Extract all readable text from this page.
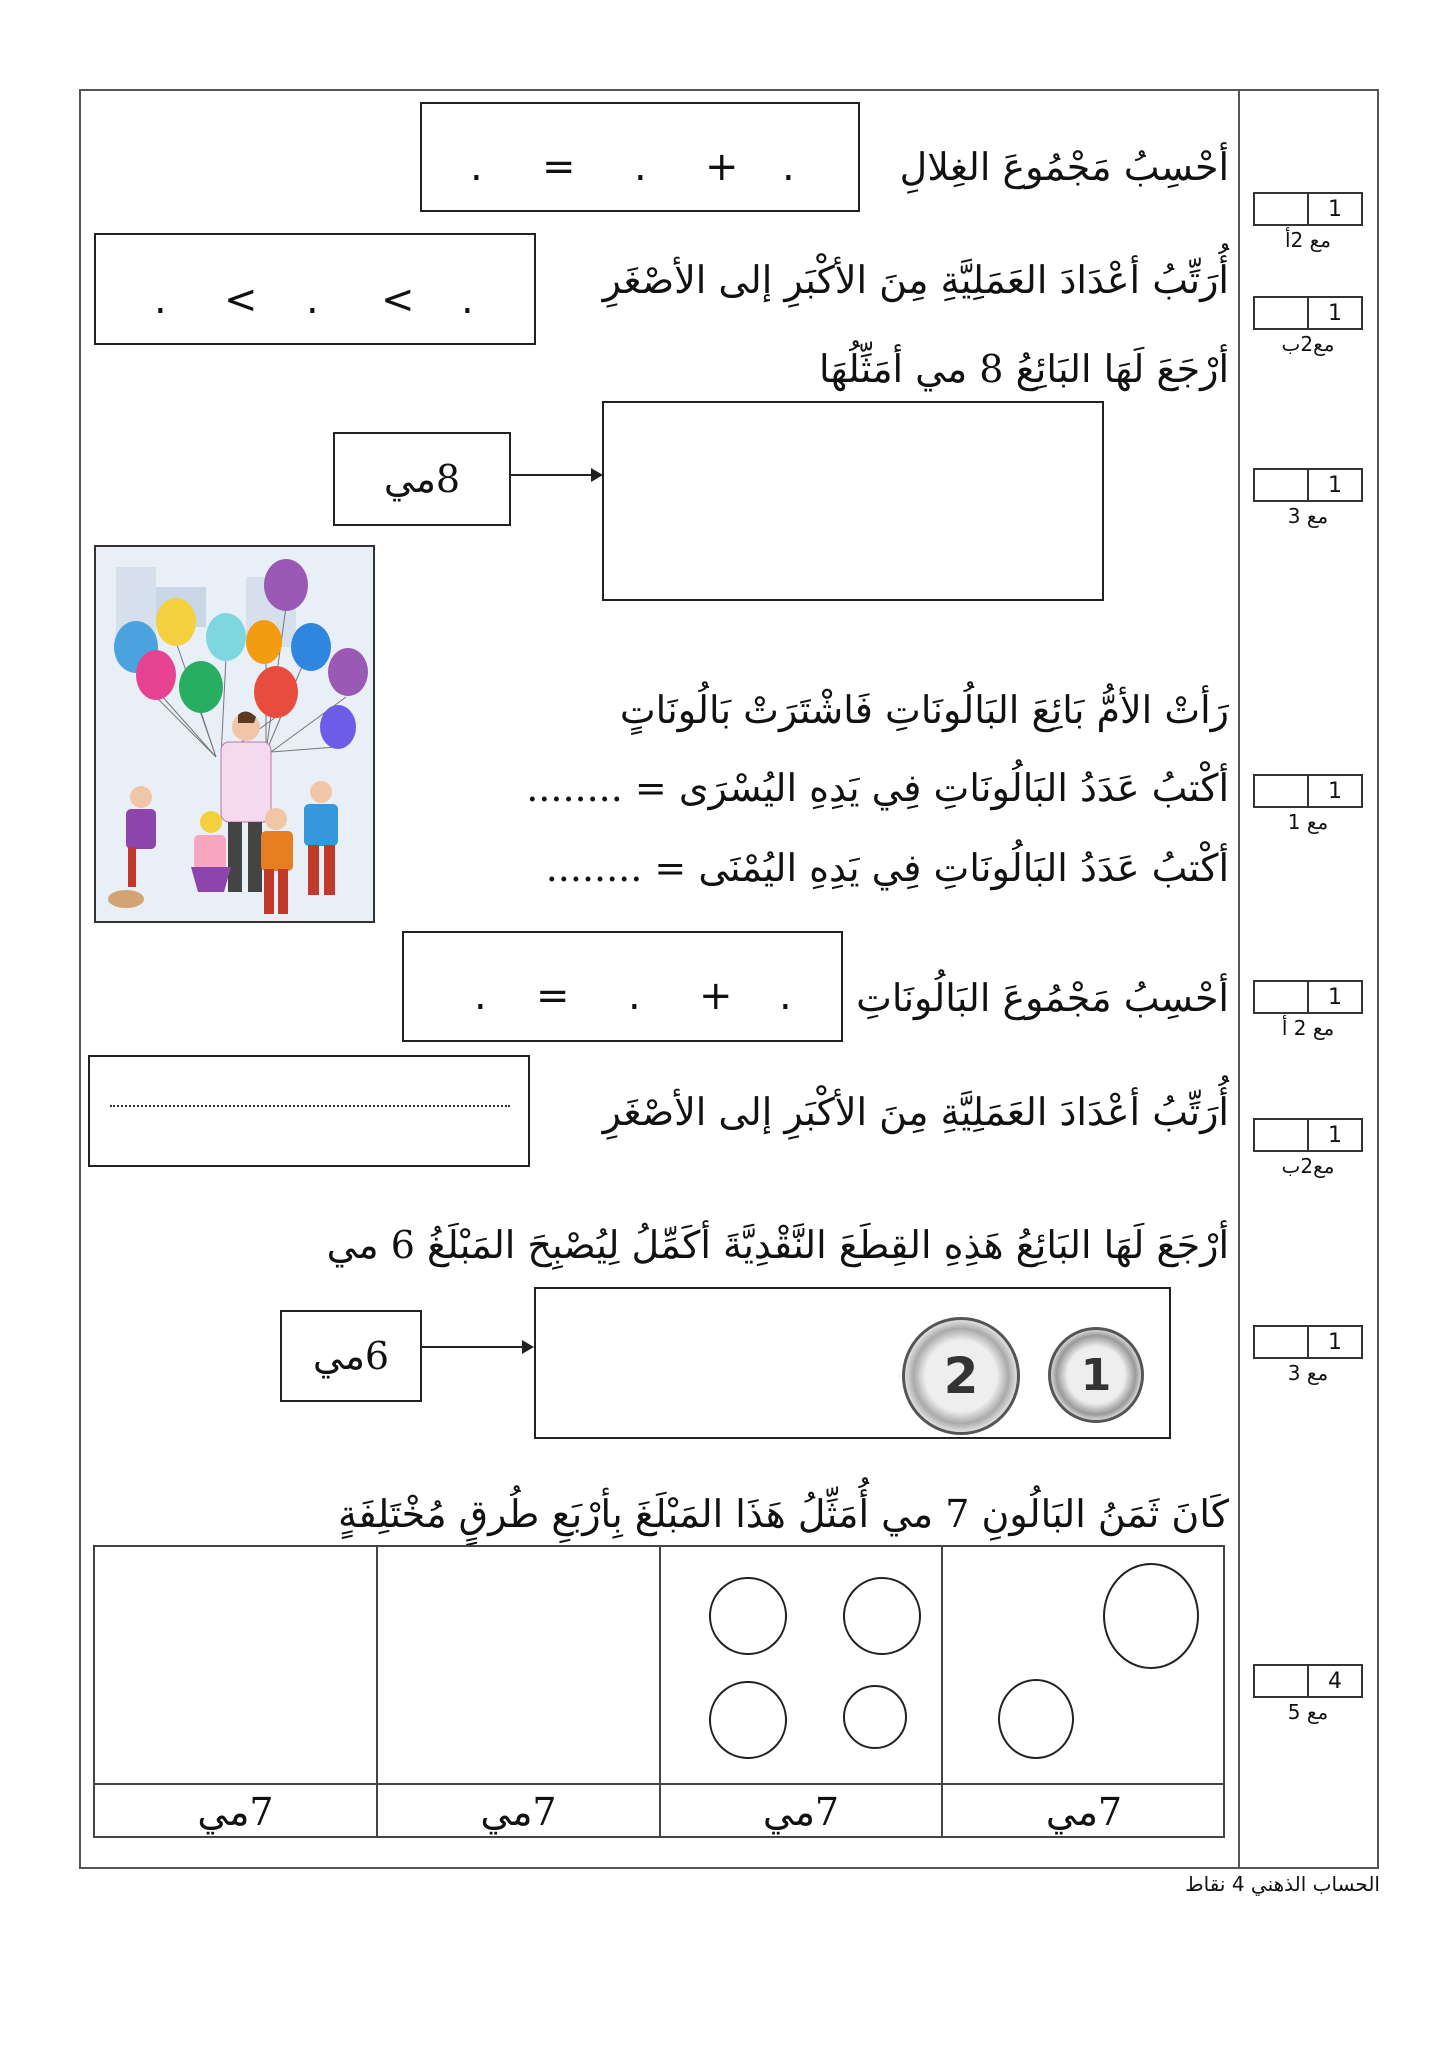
أحْسِبُ مَجْمُوعَ الغِلالِ
.
+
.
=
.
أُرَتِّبُ أعْدَادَ العَمَلِيَّةِ مِنَ الأكْبَرِ إلى الأصْغَرِ
.
<
.
<
.
أرْجَعَ لَهَا البَائِعُ 8 مي أمَثِّلُهَا
8مي
رَأتْ الأمُّ بَائِعَ البَالُونَاتِ فَاشْتَرَتْ بَالُونَاتٍ
أكْتبُ عَدَدُ البَالُونَاتِ فِي يَدِهِ اليُسْرَى = ........
أكْتبُ عَدَدُ البَالُونَاتِ فِي يَدِهِ اليُمْنَى = ........
أحْسِبُ مَجْمُوعَ البَالُونَاتِ
.
+
.
=
.
أُرَتِّبُ أعْدَادَ العَمَلِيَّةِ مِنَ الأكْبَرِ إلى الأصْغَرِ
أرْجَعَ لَهَا البَائِعُ هَذِهِ القِطَعَ النَّقْدِيَّةَ أكَمِّلُ لِيُصْبِحَ المَبْلَغُ 6 مي
6مي	2	1
كَانَ ثَمَنُ البَالُونِ 7 مي أُمَثِّلُ هَذَا المَبْلَغَ بِأرْبَعِ طُرقٍ مُخْتَلِفَةٍ
7مي	7مي	7مي	7مي
1
مع 2أ
1
مع2ب
1
مع 3
1
مع 1
1
مع 2 أ
1
مع2ب
1
مع 3
4
مع 5
الحساب الذهني 4 نقاط
